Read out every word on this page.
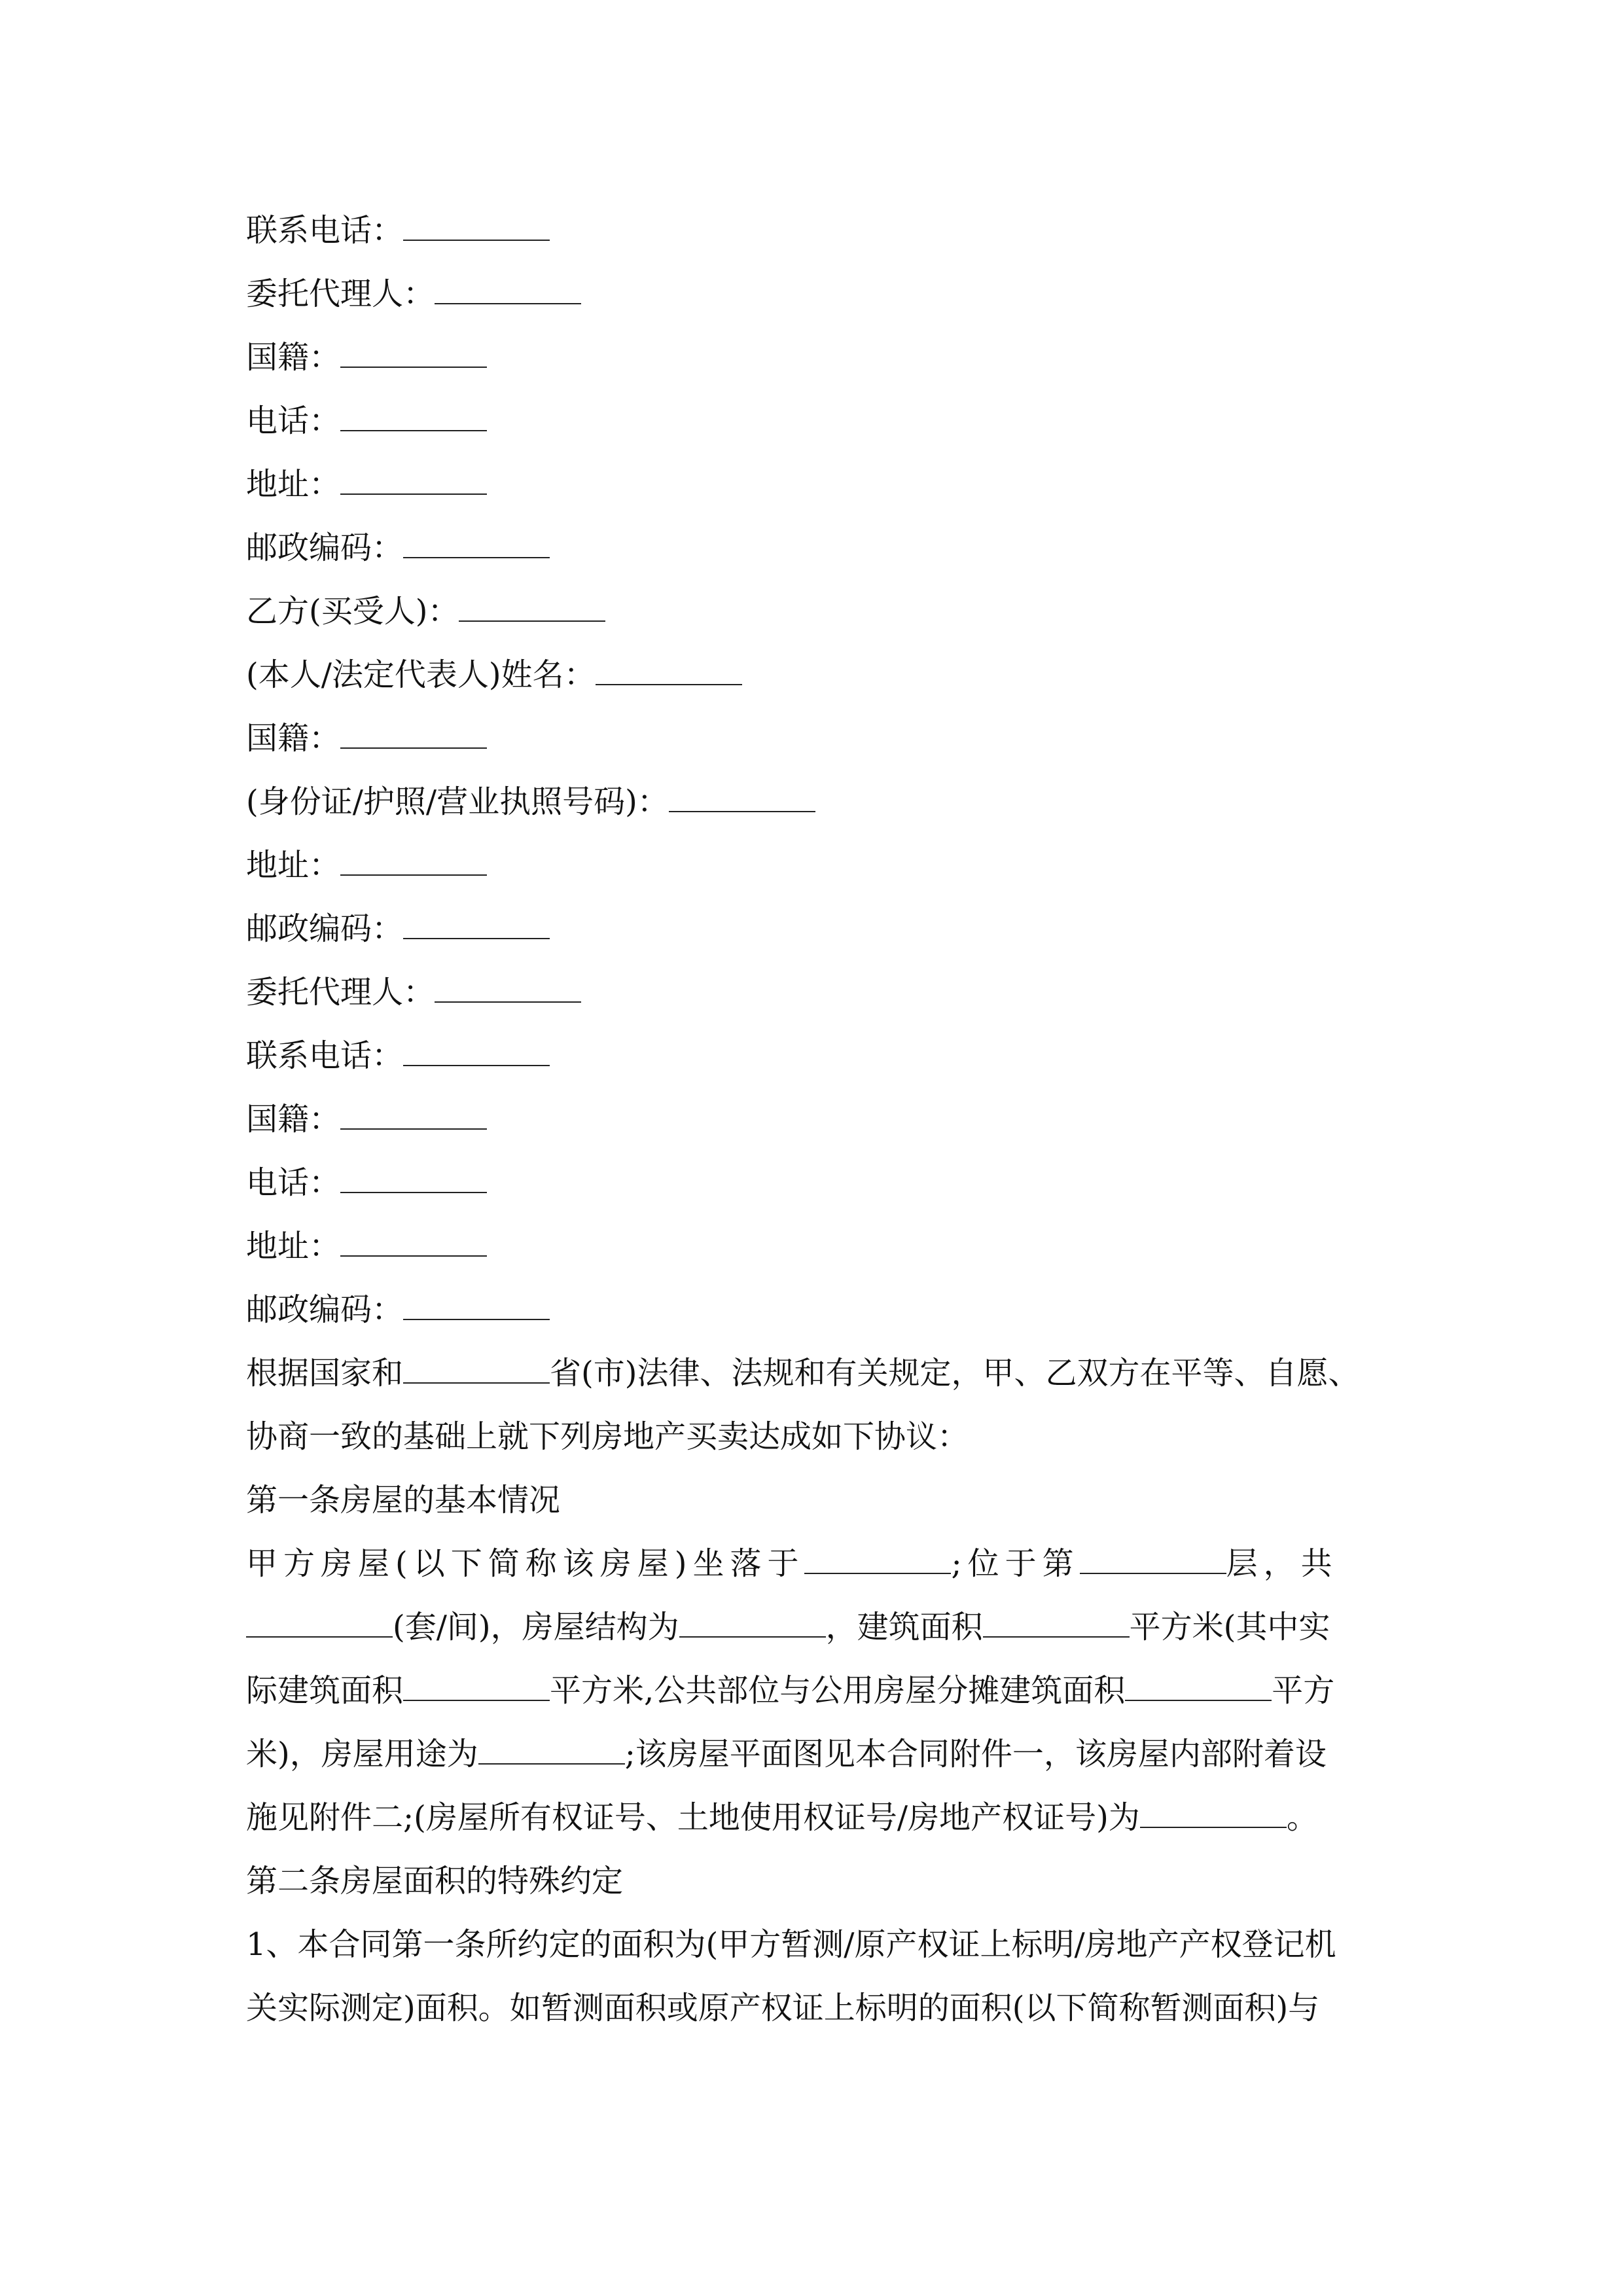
联系电话：
委托代理人：
国籍：
电话：
地址：
邮政编码：
乙方(买受人)：
(本人/法定代表人)姓名：
国籍：
(身份证/护照/营业执照号码)：
地址：
邮政编码：
委托代理人：
联系电话：
国籍：
电话：
地址：
邮政编码：
根据国家和	省(市)法律、法规和有关规定，甲、乙双方在平等、自愿、
协商一致的基础上就下列房地产买卖达成如下协议：
第一条房屋的基本情况
甲方房屋(以下简称该房屋)坐落于	;位于第	层，共
(套/间)，房屋结构为	，建筑面积	平方米(其中实
际建筑面积	平方米,公共部位与公用房屋分摊建筑面积	平方
米)，房屋用途为	;该房屋平面图见本合同附件一，该房屋内部附着设
施见附件二;(房屋所有权证号、土地使用权证号/房地产权证号)为	。
第二条房屋面积的特殊约定
1、本合同第一条所约定的面积为(甲方暂测/原产权证上标明/房地产产权登记机
关实际测定)面积。如暂测面积或原产权证上标明的面积(以下简称暂测面积)与
